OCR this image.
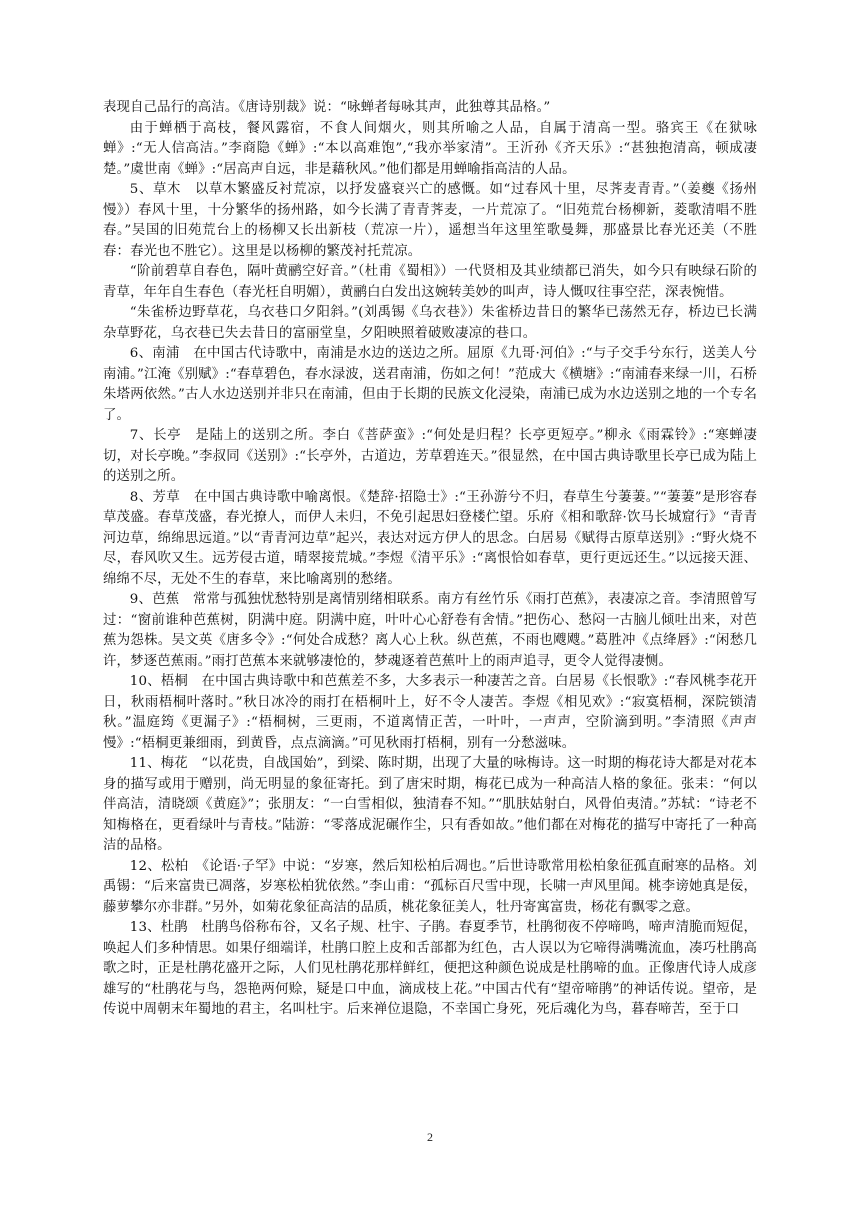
表现自己品行的高洁。《唐诗别裁》说：“咏蝉者每咏其声，此独尊其品格。”

由于蝉栖于高枝，餐风露宿，不食人间烟火，则其所喻之人品，自属于清高一型。骆宾王《在狱咏蝉》:“无人信高洁。”李商隐《蝉》:“本以高难饱”,“我亦举家清”。王沂孙《齐天乐》:“甚独抱清高，顿成凄楚。”虞世南《蝉》:“居高声自远，非是藉秋风。”他们都是用蝉喻指高洁的人品。

5、草木　以草木繁盛反衬荒凉，以抒发盛衰兴亡的感慨。如“过春风十里，尽荠麦青青。”（姜夔《扬州慢》）春风十里，十分繁华的扬州路，如今长满了青青荠麦，一片荒凉了。“旧苑荒台杨柳新，菱歌清唱不胜春。”吴国的旧苑荒台上的杨柳又长出新枝（荒凉一片），遥想当年这里笙歌曼舞，那盛景比春光还美（不胜春：春光也不胜它）。这里是以杨柳的繁茂衬托荒凉。

“阶前碧草自春色，隔叶黄鹂空好音。”（杜甫《蜀相》）一代贤相及其业绩都已消失，如今只有映绿石阶的青草，年年自生春色（春光枉自明媚），黄鹂白白发出这婉转美妙的叫声，诗人慨叹往事空茫，深表惋惜。

“朱雀桥边野草花，乌衣巷口夕阳斜。”(刘禹锡《乌衣巷》）朱雀桥边昔日的繁华已荡然无存，桥边已长满杂草野花，乌衣巷已失去昔日的富丽堂皇，夕阳映照着破败凄凉的巷口。

6、南浦　在中国古代诗歌中，南浦是水边的送边之所。屈原《九哥·河伯》:“与子交手兮东行，送美人兮南浦。”江淹《别赋》:“春草碧色，春水渌波，送君南浦，伤如之何！”范成大《横塘》:“南浦春来绿一川，石桥朱塔两依然。”古人水边送别并非只在南浦，但由于长期的民族文化浸染，南浦已成为水边送别之地的一个专名了。

7、长亭　是陆上的送别之所。李白《菩萨蛮》:“何处是归程？长亭更短亭。”柳永《雨霖铃》:“寒蝉凄切，对长亭晚。”李叔同《送别》:“长亭外，古道边，芳草碧连天。”很显然，在中国古典诗歌里长亭已成为陆上的送别之所。

8、芳草　在中国古典诗歌中喻离恨。《楚辞·招隐士》:“王孙游兮不归，春草生兮萋萋。”“萋萋”是形容春草茂盛。春草茂盛，春光撩人，而伊人未归，不免引起思妇登楼伫望。乐府《相和歌辞·饮马长城窟行》“青青河边草，绵绵思远道。”以“青青河边草”起兴，表达对远方伊人的思念。白居易《赋得古原草送别》:“野火烧不尽，春风吹又生。远芳侵古道，晴翠接荒城。”李煜《清平乐》:“离恨恰如春草，更行更远还生。”以远接天涯、绵绵不尽，无处不生的春草，来比喻离别的愁绪。

9、芭蕉　常常与孤独忧愁特别是离情别绪相联系。南方有丝竹乐《雨打芭蕉》，表凄凉之音。李清照曾写过：“窗前谁种芭蕉树，阴满中庭。阴满中庭，叶叶心心舒卷有舍情。”把伤心、愁闷一古脑儿倾吐出来，对芭蕉为怨株。吴文英《唐多令》:“何处合成愁？离人心上秋。纵芭蕉，不雨也飕飕。”葛胜冲《点绛唇》:“闲愁几许，梦逐芭蕉雨。”雨打芭蕉本来就够凄怆的，梦魂逐着芭蕉叶上的雨声追寻，更令人觉得凄恻。

10、梧桐　在中国古典诗歌中和芭蕉差不多，大多表示一种凄苦之音。白居易《长恨歌》:“春风桃李花开日，秋雨梧桐叶落时。”秋日冰冷的雨打在梧桐叶上，好不令人凄苦。李煜《相见欢》:“寂寞梧桐，深院锁清秋。”温庭筠《更漏子》:“梧桐树，三更雨，不道离情正苦，一叶叶，一声声，空阶滴到明。”李清照《声声慢》:“梧桐更兼细雨，到黄昏，点点滴滴。”可见秋雨打梧桐，别有一分愁滋味。

11、梅花　“以花贵，自战国始”，到梁、陈时期，出现了大量的咏梅诗。这一时期的梅花诗大都是对花本身的描写或用于赠别，尚无明显的象征寄托。到了唐宋时期，梅花已成为一种高洁人格的象征。张耒：“何以伴高洁，清晓颂《黄庭》”；张朋友：“一白雪相似，独清春不知。”“肌肤姑射白，风骨伯夷清。”苏轼：“诗老不知梅格在，更看绿叶与青枝。”陆游：“零落成泥碾作尘，只有香如故。”他们都在对梅花的描写中寄托了一种高洁的品格。

12、松柏　《论语·子罕》中说：“岁寒，然后知松柏后凋也。”后世诗歌常用松柏象征孤直耐寒的品格。刘禹锡：“后来富贵已凋落，岁寒松柏犹依然。”李山甫：“孤标百尺雪中现，长啸一声风里闻。桃李谤她真是佞，藤萝攀尔亦非群。”另外，如菊花象征高洁的品质，桃花象征美人，牡丹寄寓富贵，杨花有飘零之意。

13、杜鹃　杜鹃鸟俗称布谷，又名子规、杜宇、子鹃。春夏季节，杜鹃彻夜不停啼鸣，啼声清脆而短促，唤起人们多种情思。如果仔细端详，杜鹃口腔上皮和舌部都为红色，古人误以为它啼得满嘴流血，凑巧杜鹃高歌之时，正是杜鹃花盛开之际，人们见杜鹃花那样鲜红，便把这种颜色说成是杜鹃啼的血。正像唐代诗人成彦雄写的“杜鹃花与鸟，怨艳两何赊，疑是口中血，滴成枝上花。”中国古代有“望帝啼鹃”的神话传说。望帝，是传说中周朝末年蜀地的君主，名叫杜宇。后来禅位退隐，不幸国亡身死，死后魂化为鸟，暮春啼苦，至于口

2
